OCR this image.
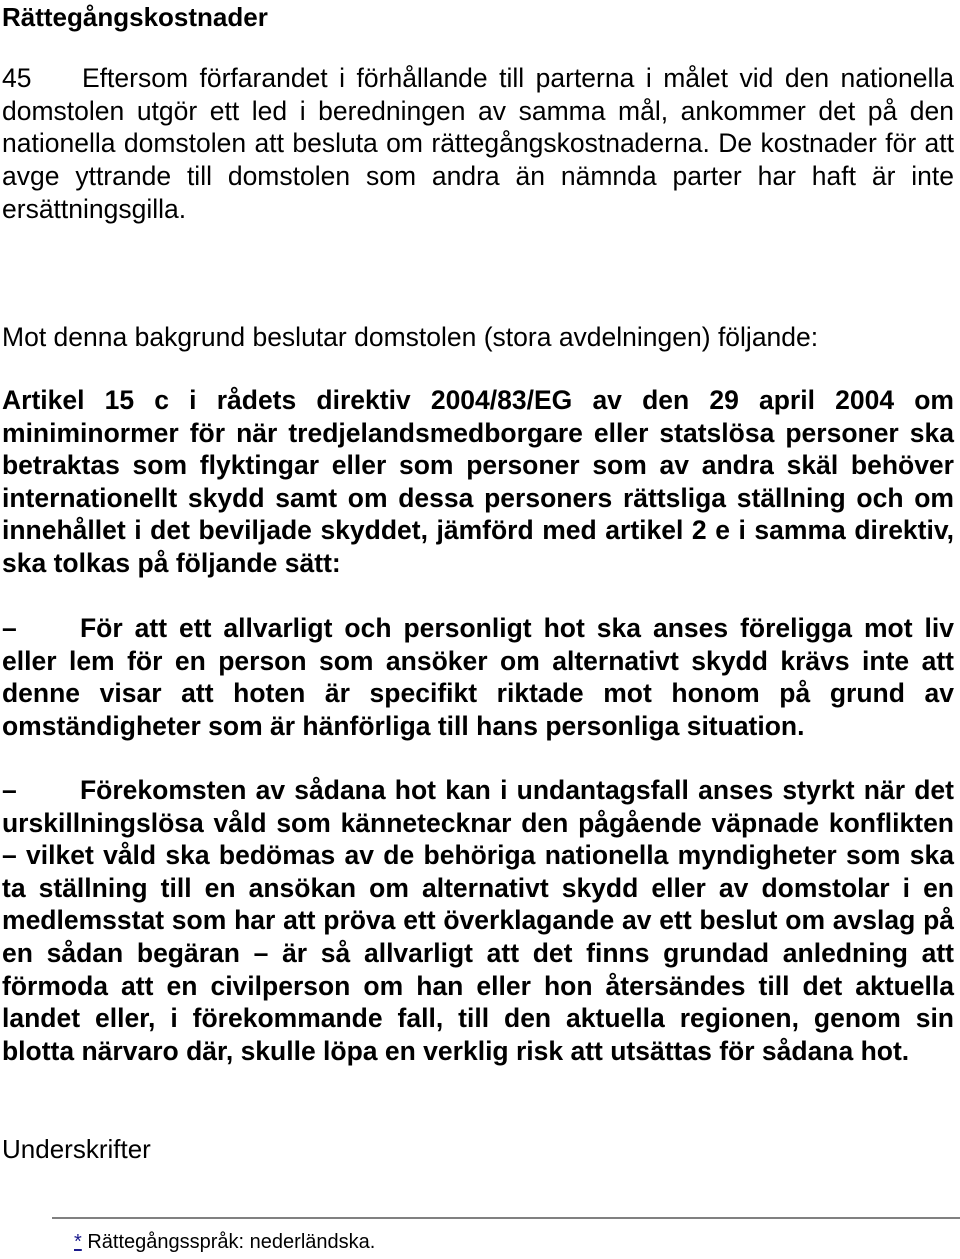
Rättegångskostnader

45 Eftersom förfarandet i förhållande till parterna i målet vid den nationella domstolen utgör ett led i beredningen av samma mål, ankommer det på den nationella domstolen att besluta om rättegångskostnaderna. De kostnader för att avge yttrande till domstolen som andra än nämnda parter har haft är inte ersättningsgilla.

Mot denna bakgrund beslutar domstolen (stora avdelningen) följande:

Artikel 15 c i rådets direktiv 2004/83/EG av den 29 april 2004 om miniminormer för när tredjelandsmedborgare eller statslösa personer ska betraktas som flyktingar eller som personer som av andra skäl behöver internationellt skydd samt om dessa personers rättsliga ställning och om innehållet i det beviljade skyddet, jämförd med artikel 2 e i samma direktiv, ska tolkas på följande sätt:

– För att ett allvarligt och personligt hot ska anses föreligga mot liv eller lem för en person som ansöker om alternativt skydd krävs inte att denne visar att hoten är specifikt riktade mot honom på grund av omständigheter som är hänförliga till hans personliga situation.

– Förekomsten av sådana hot kan i undantagsfall anses styrkt när det urskillningslösa våld som kännetecknar den pågående väpnade konflikten – vilket våld ska bedömas av de behöriga nationella myndigheter som ska ta ställning till en ansökan om alternativt skydd eller av domstolar i en medlemsstat som har att pröva ett överklagande av ett beslut om avslag på en sådan begäran – är så allvarligt att det finns grundad anledning att förmoda att en civilperson om han eller hon återsändes till det aktuella landet eller, i förekommande fall, till den aktuella regionen, genom sin blotta närvaro där, skulle löpa en verklig risk att utsättas för sådana hot.

Underskrifter

* Rättegångsspråk: nederländska.
